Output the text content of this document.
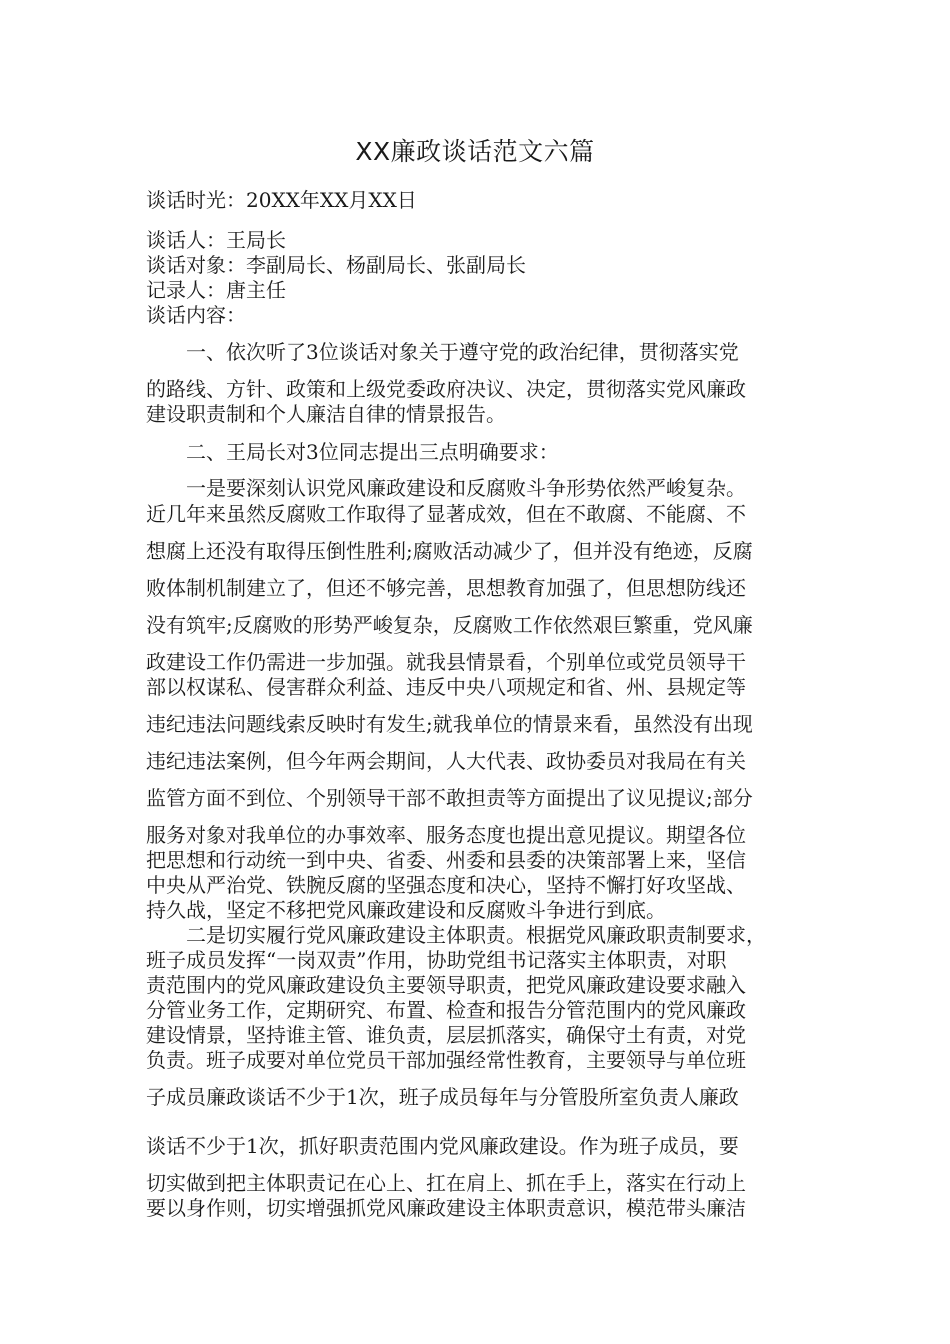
XX廉政谈话范文六篇
谈话时光：20XX年XX月XX日
谈话人：王局长
谈话对象：李副局长、杨副局长、张副局长
记录人：唐主任
谈话内容：
一、依次听了3位谈话对象关于遵守党的政治纪律，贯彻落实党
的路线、方针、政策和上级党委政府决议、决定，贯彻落实党风廉政
建设职责制和个人廉洁自律的情景报告。
二、王局长对3位同志提出三点明确要求：
一是要深刻认识党风廉政建设和反腐败斗争形势依然严峻复杂。
近几年来虽然反腐败工作取得了显著成效，但在不敢腐、不能腐、不
想腐上还没有取得压倒性胜利;腐败活动减少了，但并没有绝迹，反腐
败体制机制建立了，但还不够完善，思想教育加强了，但思想防线还
没有筑牢;反腐败的形势严峻复杂，反腐败工作依然艰巨繁重，党风廉
政建设工作仍需进一步加强。就我县情景看，个别单位或党员领导干
部以权谋私、侵害群众利益、违反中央八项规定和省、州、县规定等
违纪违法问题线索反映时有发生;就我单位的情景来看，虽然没有出现
违纪违法案例，但今年两会期间，人大代表、政协委员对我局在有关
监管方面不到位、个别领导干部不敢担责等方面提出了议见提议;部分
服务对象对我单位的办事效率、服务态度也提出意见提议。期望各位
把思想和行动统一到中央、省委、州委和县委的决策部署上来，坚信
中央从严治党、铁腕反腐的坚强态度和决心，坚持不懈打好攻坚战、
持久战，坚定不移把党风廉政建设和反腐败斗争进行到底。
二是切实履行党风廉政建设主体职责。根据党风廉政职责制要求，
班子成员发挥“一岗双责”作用，协助党组书记落实主体职责，对职
责范围内的党风廉政建设负主要领导职责，把党风廉政建设要求融入
分管业务工作，定期研究、布置、检查和报告分管范围内的党风廉政
建设情景，坚持谁主管、谁负责，层层抓落实，确保守土有责，对党
负责。班子成要对单位党员干部加强经常性教育，主要领导与单位班
子成员廉政谈话不少于1次，班子成员每年与分管股所室负责人廉政
谈话不少于1次，抓好职责范围内党风廉政建设。作为班子成员，要
切实做到把主体职责记在心上、扛在肩上、抓在手上，落实在行动上
要以身作则，切实增强抓党风廉政建设主体职责意识，模范带头廉洁
